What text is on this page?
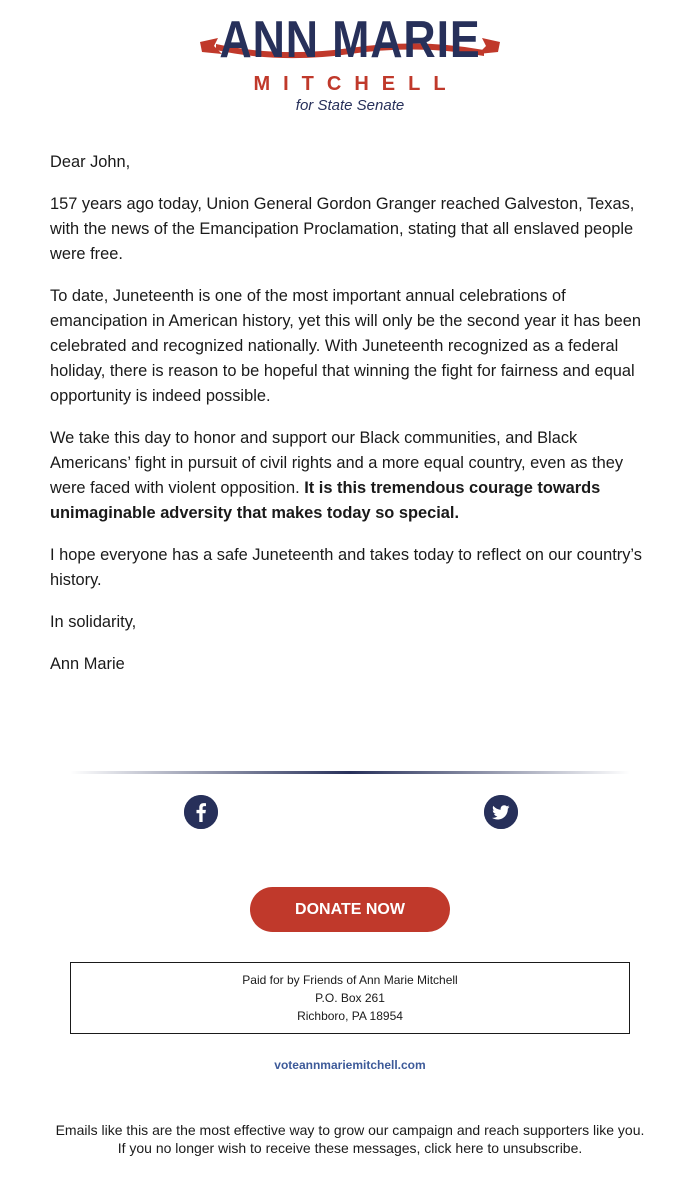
ANN MARIE
MITCHELL
for State Senate

Dear John,

157 years ago today, Union General Gordon Granger reached Galveston, Texas, with the news of the Emancipation Proclamation, stating that all enslaved people were free.

To date, Juneteenth is one of the most important annual celebrations of emancipation in American history, yet this will only be the second year it has been celebrated and recognized nationally. With Juneteenth recognized as a federal holiday, there is reason to be hopeful that winning the fight for fairness and equal opportunity is indeed possible.

We take this day to honor and support our Black communities, and Black Americans’ fight in pursuit of civil rights and a more equal country, even as they were faced with violent opposition. It is this tremendous courage towards unimaginable adversity that makes today so special.

I hope everyone has a safe Juneteenth and takes today to reflect on our country’s history.

In solidarity,

Ann Marie

DONATE NOW
Paid for by Friends of Ann Marie Mitchell
P.O. Box 261
Richboro, PA 18954
voteannmariemitchell.com
Emails like this are the most effective way to grow our campaign and reach supporters like you.
If you no longer wish to receive these messages, click here to unsubscribe.
